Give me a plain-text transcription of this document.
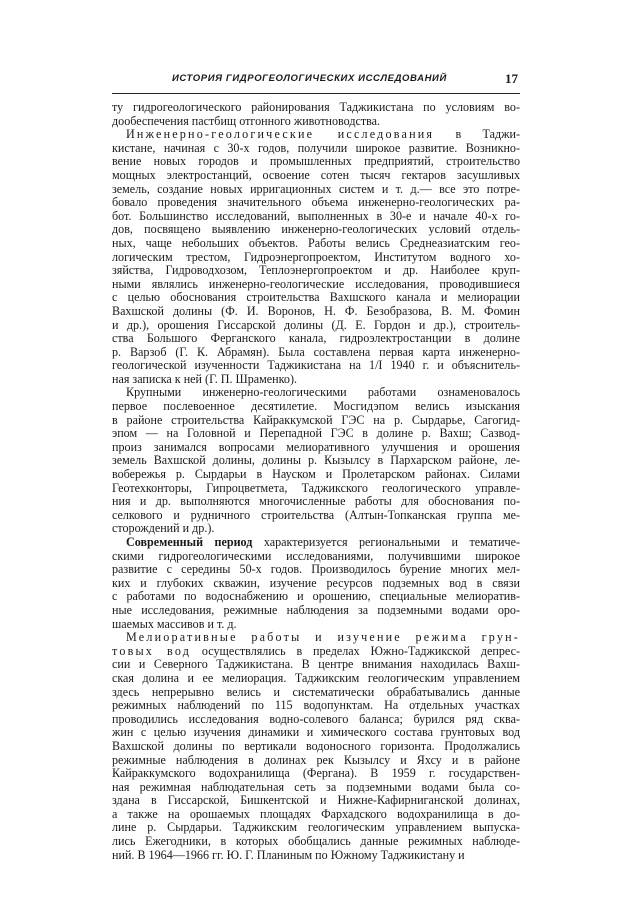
ИСТОРИЯ ГИДРОГЕОЛОГИЧЕСКИХ ИССЛЕДОВАНИЙ	17

ту гидрогеологического районирования Таджикистана по условиям во-
дообеспечения пастбищ отгонного животноводства.

Инженерно-геологические исследования в Таджи-
кистане, начиная с 30-х годов, получили широкое развитие. Возникно-
вение новых городов и промышленных предприятий, строительство
мощных электростанций, освоение сотен тысяч гектаров засушливых
земель, создание новых ирригационных систем и т. д.— все это потре-
бовало проведения значительного объема инженерно-геологических ра-
бот. Большинство исследований, выполненных в 30-е и начале 40-х го-
дов, посвящено выявлению инженерно-геологических условий отдель-
ных, чаще небольших объектов. Работы велись Среднеазиатским гео-
логическим трестом, Гидроэнергопроектом, Институтом водного хо-
зяйства, Гидроводхозом, Теплоэнергопроектом и др. Наиболее круп-
ными являлись инженерно-геологические исследования, проводившиеся
с целью обоснования строительства Вахшского канала и мелиорации
Вахшской долины (Ф. И. Воронов, Н. Ф. Безобразова, В. М. Фомин
и др.), орошения Гиссарской долины (Д. Е. Гордон и др.), строитель-
ства Большого Ферганского канала, гидроэлектростанции в долине
р. Варзоб (Г. К. Абрамян). Была составлена первая карта инженерно-
геологической изученности Таджикистана на 1/I 1940 г. и объяснитель-
ная записка к ней (Г. П. Шраменко).

Крупными инженерно-геологическими работами ознаменовалось
первое послевоенное десятилетие. Мосгидэпом велись изыскания
в районе строительства Кайраккумской ГЭС на р. Сырдарье, Сагогид-
эпом — на Головной и Перепадной ГЭС в долине р. Вахш; Сазвод-
произ занимался вопросами мелиоративного улучшения и орошения
земель Вахшской долины, долины р. Кызылсу в Пархарском районе, ле-
вобережья р. Сырдарьи в Науском и Пролетарском районах. Силами
Геотехконторы, Гипроцветмета, Таджикского геологического управле-
ния и др. выполняются многочисленные работы для обоснования по-
селкового и рудничного строительства (Алтын-Топканская группа ме-
сторождений и др.).

Современный период характеризуется региональными и тематиче-
скими гидрогеологическими исследованиями, получившими широкое
развитие с середины 50-х годов. Производилось бурение многих мел-
ких и глубоких скважин, изучение ресурсов подземных вод в связи
с работами по водоснабжению и орошению, специальные мелиоратив-
ные исследования, режимные наблюдения за подземными водами оро-
шаемых массивов и т. д.

Мелиоративные работы и изучение режима грун-
товых вод осуществлялись в пределах Южно-Таджикской депрес-
сии и Северного Таджикистана. В центре внимания находилась Вахш-
ская долина и ее мелиорация. Таджикским геологическим управлением
здесь непрерывно велись и систематически обрабатывались данные
режимных наблюдений по 115 водопунктам. На отдельных участках
проводились исследования водно-солевого баланса; бурился ряд сква-
жин с целью изучения динамики и химического состава грунтовых вод
Вахшской долины по вертикали водоносного горизонта. Продолжались
режимные наблюдения в долинах рек Кызылсу и Яхсу и в районе
Кайраккумского водохранилища (Фергана). В 1959 г. государствен-
ная режимная наблюдательная сеть за подземными водами была со-
здана в Гиссарской, Бишкентской и Нижне-Кафирниганской долинах,
а также на орошаемых площадях Фархадского водохранилища в до-
лине р. Сырдарьи. Таджикским геологическим управлением выпуска-
лись Ежегодники, в которых обобщались данные режимных наблюде-
ний. В 1964—1966 гг. Ю. Г. Планиным по Южному Таджикистану и
